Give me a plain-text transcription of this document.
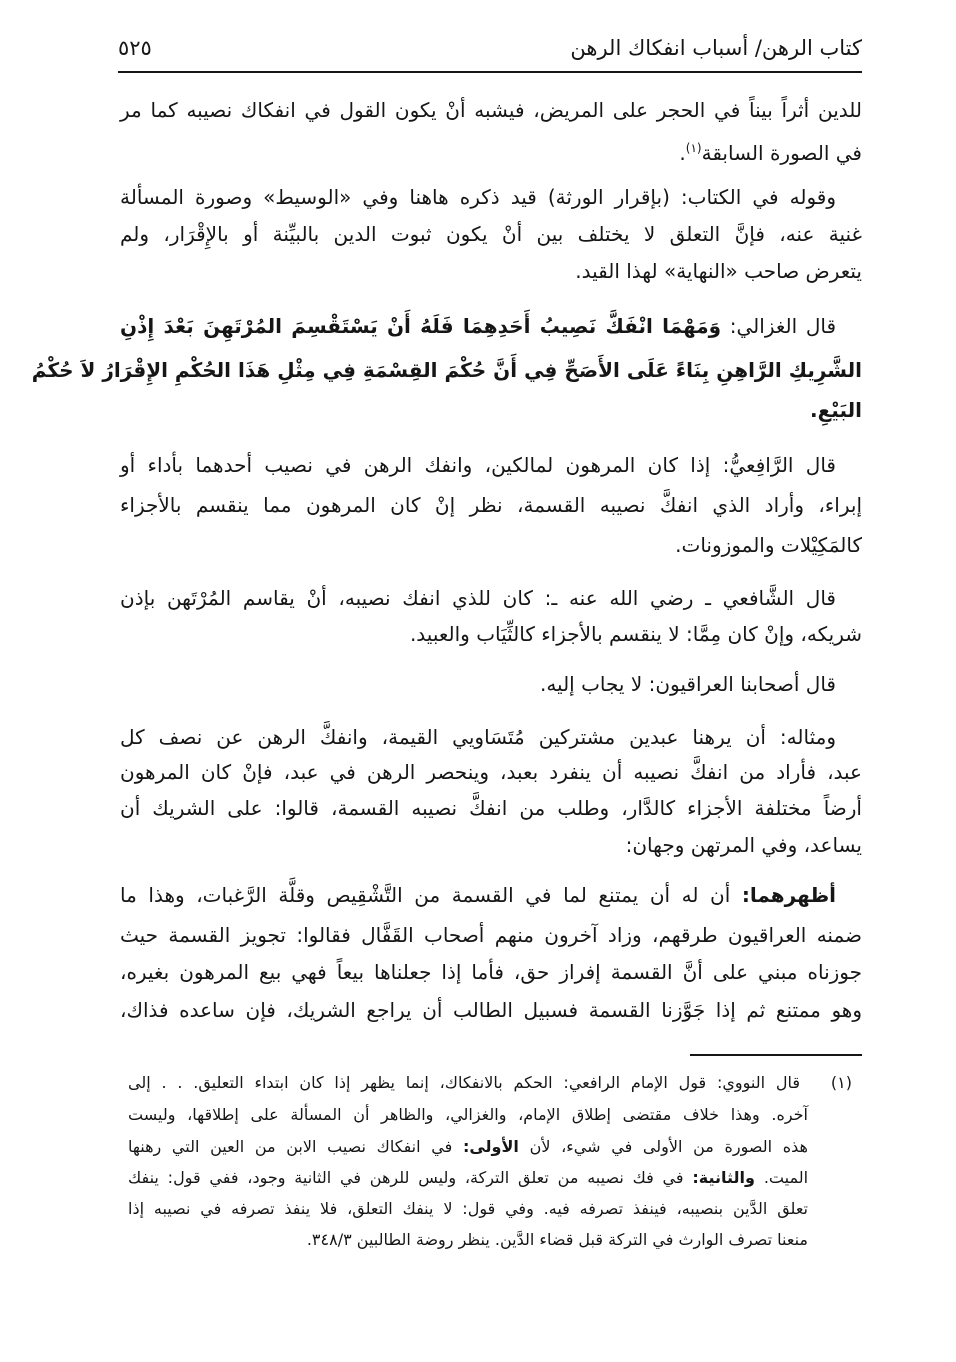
كتاب الرهن/ أسباب انفكاك الرهن
٥٢٥
للدين أثراً بيناً في الحجر على المريض، فيشبه أنْ يكون القول في انفكاك نصيبه كما مر
في الصورة السابقة$^{(١)}$.
وقوله في الكتاب: (بإقرار الورثة) قيد ذكره هاهنا وفي «الوسيط» وصورة المسألة
غنية عنه، فإنَّ التعلق لا يختلف بين أنْ يكون ثبوت الدين بالبيِّنة أو بالإِقْرَار، ولم
يتعرض صاحب «النهاية» لهذا القيد.
قال الغزالي: وَمَهْمَا انْفَكَّ نَصِيبُ أَحَدِهِمَا فَلَهُ أَنْ يَسْتَقْسِمَ المُرْتَهِنَ بَعْدَ إِذْنِ
الشَّرِيكِ الرَّاهِنِ بِنَاءً عَلَى الأَصَحِّ فِي أَنَّ حُكْمَ القِسْمَةِ فِي مِثْلِ هَذَا الحُكْمِ الإِقْرَارُ لاَ حُكْمُ
البَيْعِ.
قال الرَّافِعيُّ: إذا كان المرهون لمالكين، وانفك الرهن في نصيب أحدهما بأداء أو
إبراء، وأراد الذي انفكَّ نصيبه القسمة، نظر إنْ كان المرهون مما ينقسم بالأجزاء
كالمَكِيْلات والموزونات.
قال الشَّافعي ـ رضي الله عنه ـ: كان للذي انفك نصيبه، أنْ يقاسم المُرْتَهن بإذن
شريكه، وإنْ كان مِمَّا: لا ينقسم بالأجزاء كالثِّيَاب والعبيد.
قال أصحابنا العراقيون: لا يجاب إليه.
ومثاله: أن يرهنا عبدين مشتركين مُتَسَاويي القيمة، وانفكَّ الرهن عن نصف كل
عبد، فأراد من انفكَّ نصيبه أن ينفرد بعبد، وينحصر الرهن في عبد، فإنْ كان المرهون
أرضاً مختلفة الأجزاء كالدَّار، وطلب من انفكَّ نصيبه القسمة، قالوا: على الشريك أن
يساعد، وفي المرتهن وجهان:
أظهرهما: أن له أن يمتنع لما في القسمة من التَّشْقِيص وقلَّة الرَّغبات، وهذا ما
ضمنه العراقيون طرقهم، وزاد آخرون منهم أصحاب القَفَّال فقالوا: تجويز القسمة حيث
جوزناه مبني على أنَّ القسمة إفراز حق، فأما إذا جعلناها بيعاً فهي بيع المرهون بغيره،
وهو ممتنع ثم إذا جَوَّزنا القسمة فسبيل الطالب أن يراجع الشريك، فإن ساعده فذاك،
(١)
قال النووي: قول الإمام الرافعي: الحكم بالانفكاك، إنما يظهر إذا كان ابتداء التعليق. . . إلى
آخره. وهذا خلاف مقتضى إطلاق الإمام، والغزالي، والظاهر أن المسألة على إطلاقها، وليست
هذه الصورة من الأولى في شيء، لأن الأولى: في انفكاك نصيب الابن من العين التي رهنها
الميت. والثانية: في فك نصيبه من تعلق التركة، وليس للرهن في الثانية وجود، ففي قول: ينفك
تعلق الدَّين بنصيبه، فينفذ تصرفه فيه. وفي قول: لا ينفك التعلق، فلا ينفذ تصرفه في نصيبه إذا
منعنا تصرف الوارث في التركة قبل قضاء الدَّين. ينظر روضة الطالبين ٣٤٨/٣.
